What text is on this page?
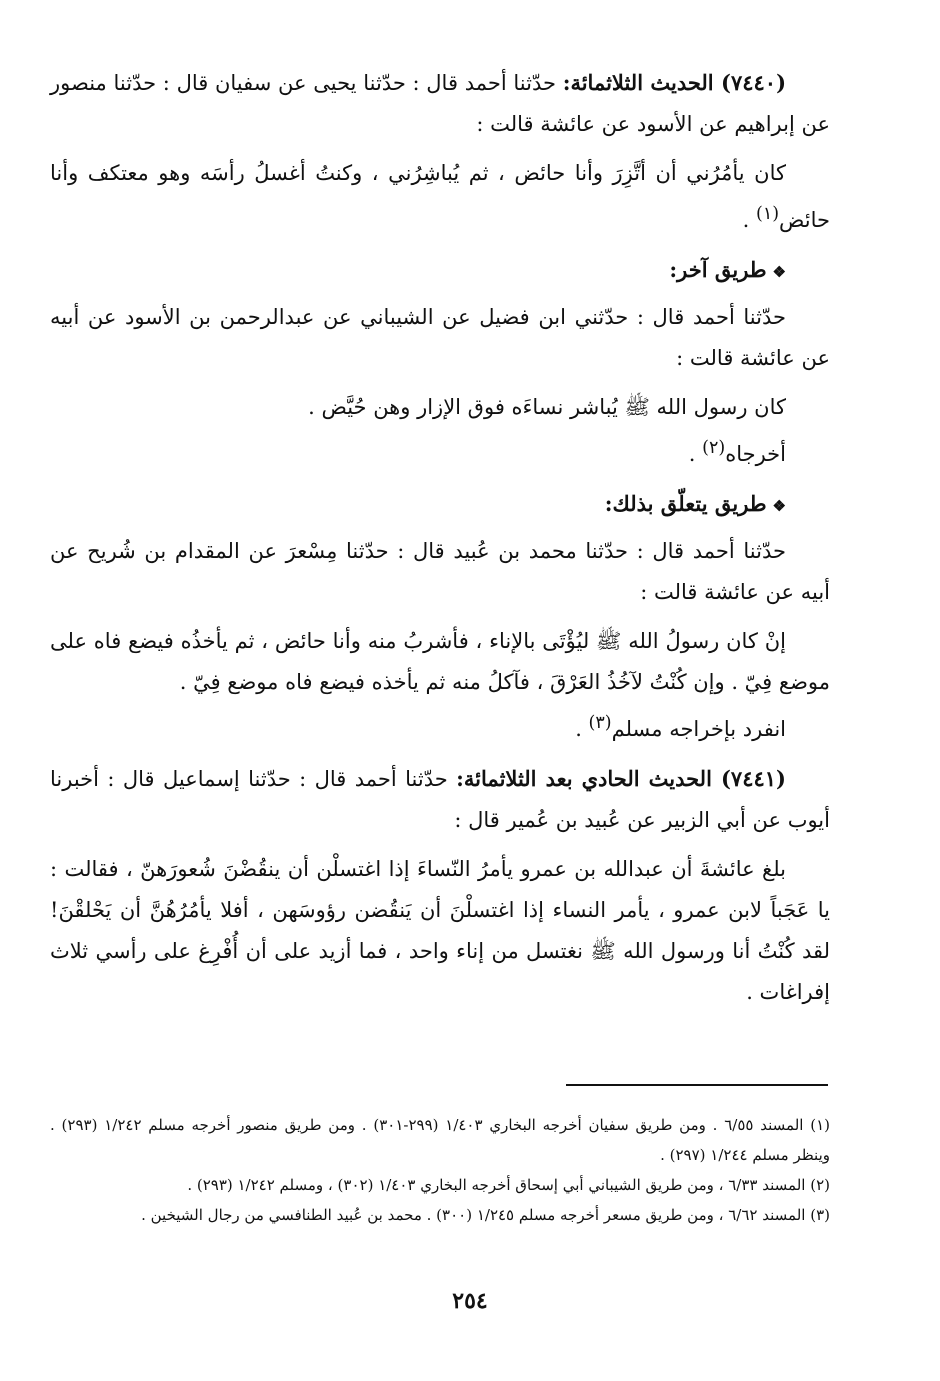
(٧٤٤٠) الحديث الثلاثمائة: حدّثنا أحمد قال : حدّثنا يحيى عن سفيان قال : حدّثنا منصور عن إبراهيم عن الأسود عن عائشة قالت :

كان يأمُرُني أن أتَّزِرَ وأنا حائض ، ثم يُباشِرُني ، وكنتُ أغسلُ رأسَه وهو معتكف وأنا حائض$^{(١)}$ .

❖طريق آخر:

حدّثنا أحمد قال : حدّثني ابن فضيل عن الشيباني عن عبدالرحمن بن الأسود عن أبيه عن عائشة قالت :

كان رسول الله ﷺ يُباشر نساءَه فوق الإزار وهن حُيَّض .

أخرجاه$^{(٢)}$ .

❖طريق يتعلّق بذلك:

حدّثنا أحمد قال : حدّثنا محمد بن عُبيد قال : حدّثنا مِسْعرَ عن المقدام بن شُريح عن أبيه عن عائشة قالت :

إنْ كان رسولُ الله ﷺ ليُؤْتَى بالإناء ، فأشربُ منه وأنا حائض ، ثم يأخذُه فيضع فاه على موضع فِيّ . وإن كُنْتُ لآخُذُ العَرْقَ ، فآكلُ منه ثم يأخذه فيضع فاه موضع فِيّ .

انفرد بإخراجه مسلم$^{(٣)}$ .

(٧٤٤١) الحديث الحادي بعد الثلاثمائة: حدّثنا أحمد قال : حدّثنا إسماعيل قال : أخبرنا أيوب عن أبي الزبير عن عُبيد بن عُمير قال :

بلغ عائشةَ أن عبدالله بن عمرو يأمرُ النّساءَ إذا اغتسلْن أن ينقُضْنَ شُعورَهنّ ، فقالت : يا عَجَباً لابن عمرو ، يأمر النساء إذا اغتسلْنَ أن يَنقُضن رؤوسَهن ، أفلا يأمُرُهُنَّ أن يَحْلقْنَ! لقد كُنْتُ أنا ورسول الله ﷺ نغتسل من إناء واحد ، فما أزيد على أن أُفْرِغ على رأسي ثلاث إفراغات .

(١) المسند ٦/٥٥ . ومن طريق سفيان أخرجه البخاري ١/٤٠٣ (٢٩٩-٣٠١) . ومن طريق منصور أخرجه مسلم ١/٢٤٢ (٢٩٣) . وينظر مسلم ١/٢٤٤ (٢٩٧) .

(٢) المسند ٦/٣٣ ، ومن طريق الشيباني أبي إسحاق أخرجه البخاري ١/٤٠٣ (٣٠٢) ، ومسلم ١/٢٤٢ (٢٩٣) .

(٣) المسند ٦/٦٢ ، ومن طريق مسعر أخرجه مسلم ١/٢٤٥ (٣٠٠) . محمد بن عُبيد الطنافسي من رجال الشيخين .

٢٥٤
